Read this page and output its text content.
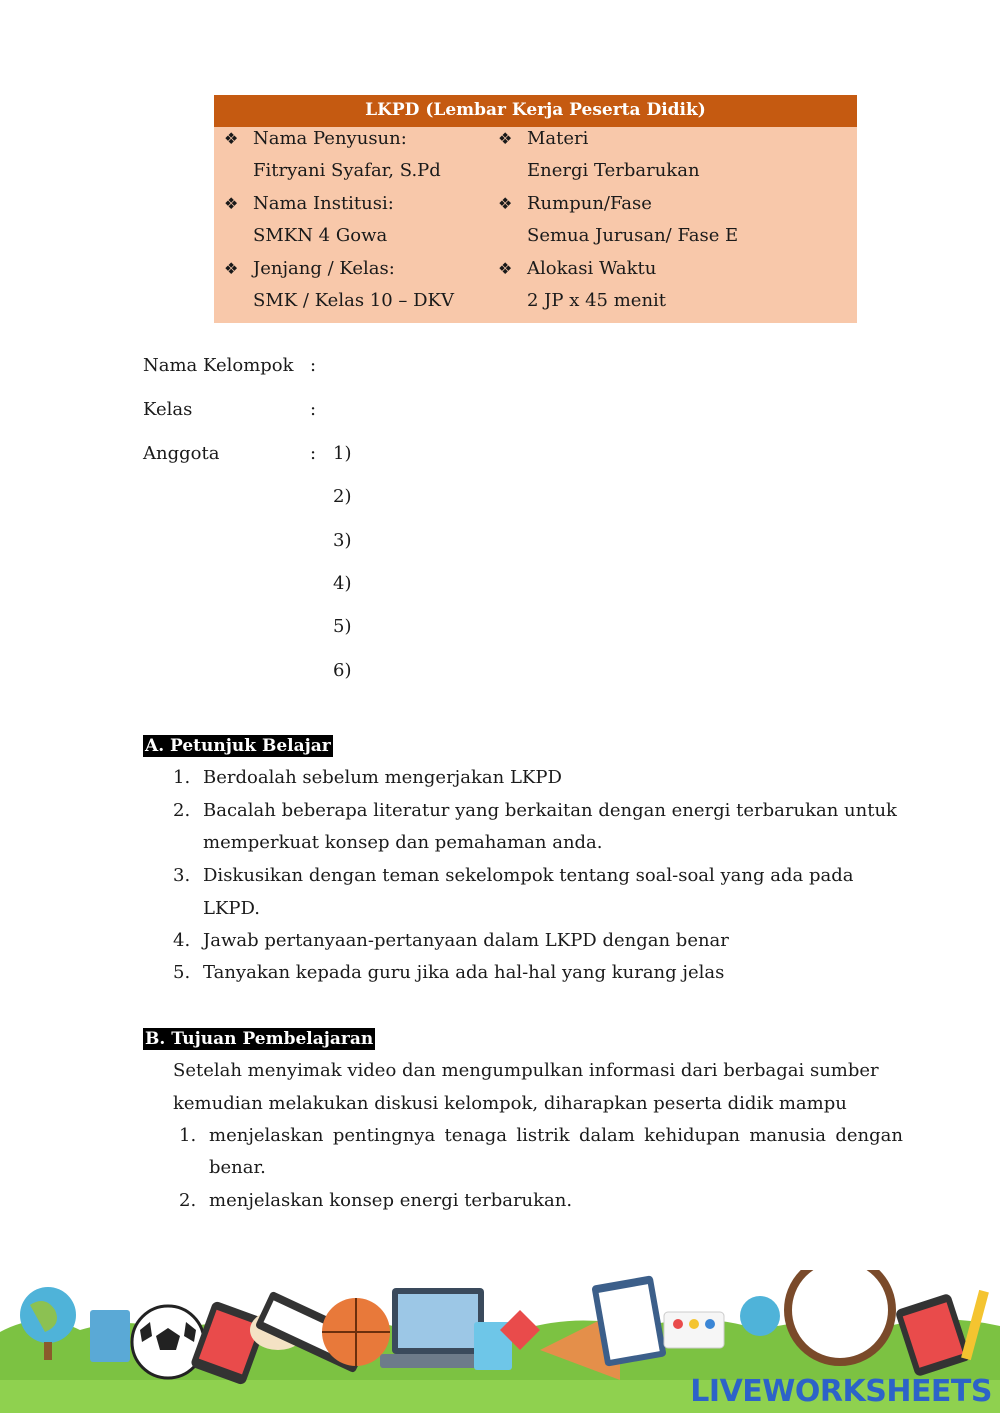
LKPD (Lembar Kerja Peserta Didik)
❖ Nama Penyusun:
Fitryani Syafar, S.Pd
❖ Nama Institusi:
SMKN 4 Gowa
❖ Jenjang / Kelas:
SMK / Kelas 10 – DKV
❖ Materi
Energi Terbarukan
❖ Rumpun/Fase
Semua Jurusan/ Fase E
❖ Alokasi Waktu
2 JP x 45 menit
Nama Kelompok :
Kelas	:
Anggota	: 1)
2)
3)
4)
5)
6)
A. Petunjuk Belajar
1. Berdoalah sebelum mengerjakan LKPD
2. Bacalah beberapa literatur yang berkaitan dengan energi terbarukan untuk
memperkuat konsep dan pemahaman anda.
3. Diskusikan dengan teman sekelompok tentang soal-soal yang ada pada
LKPD.
4. Jawab pertanyaan-pertanyaan dalam LKPD dengan benar
5. Tanyakan kepada guru jika ada hal-hal yang kurang jelas
B. Tujuan Pembelajaran
Setelah menyimak video dan mengumpulkan informasi dari berbagai sumber
kemudian melakukan diskusi kelompok, diharapkan peserta didik mampu
1. menjelaskan pentingnya tenaga listrik dalam kehidupan manusia dengan
benar.
2. menjelaskan konsep energi terbarukan.
LIVEWORKSHEETS
